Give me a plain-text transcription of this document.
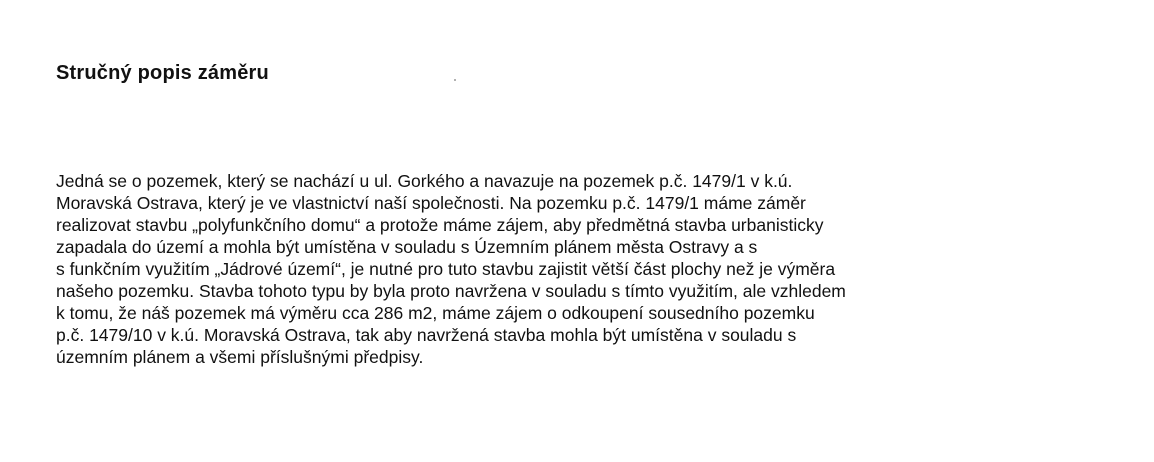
Stručný popis záměru
Jedná se o pozemek, který se nachází u ul. Gorkého a navazuje na pozemek p.č. 1479/1 v k.ú.
Moravská Ostrava, který je ve vlastnictví naší společnosti. Na pozemku p.č. 1479/1 máme záměr
realizovat stavbu „polyfunkčního domu“ a protože máme zájem, aby předmětná stavba urbanisticky
zapadala do území a mohla být umístěna v souladu s Územním plánem města Ostravy a s
s funkčním využitím „Jádrové území“, je nutné pro tuto stavbu zajistit větší část plochy než je výměra
našeho pozemku. Stavba tohoto typu by byla proto navržena v souladu s tímto využitím, ale vzhledem
k tomu, že náš pozemek má výměru cca 286 m2, máme zájem o odkoupení sousedního pozemku
p.č. 1479/10 v k.ú. Moravská Ostrava, tak aby navržená stavba mohla být umístěna v souladu s
územním plánem a všemi příslušnými předpisy.
